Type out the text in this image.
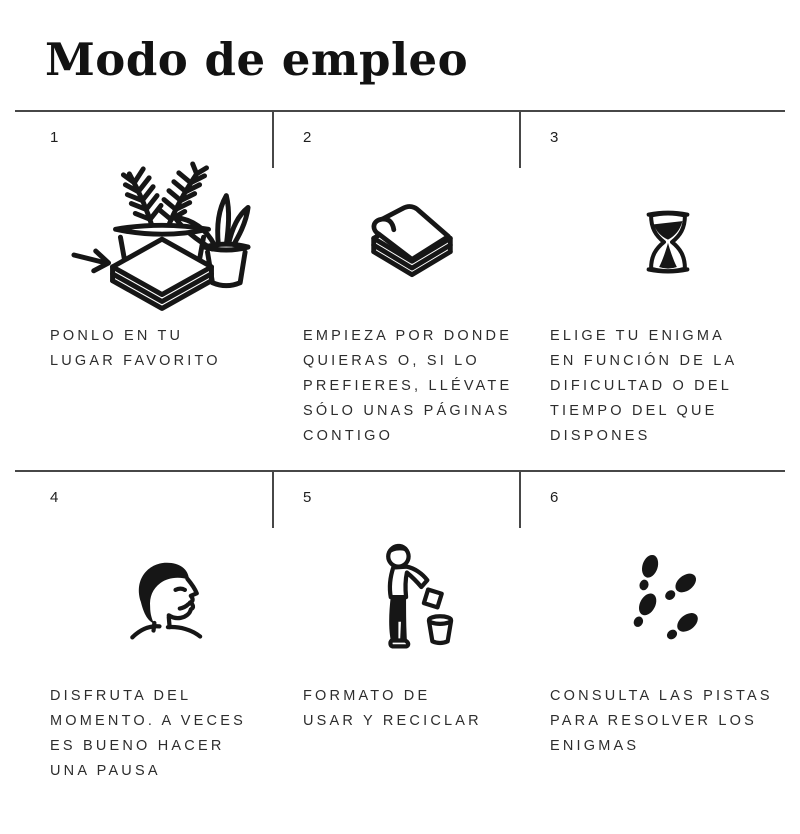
Modo de empleo
1
PONLO EN TU
LUGAR FAVORITO
2
EMPIEZA POR DONDE
QUIERAS O, SI LO
PREFIERES, LLÉVATE
SÓLO UNAS PÁGINAS
CONTIGO
3
ELIGE TU ENIGMA
EN FUNCIÓN DE LA
DIFICULTAD O DEL
TIEMPO DEL QUE
DISPONES
4
DISFRUTA DEL
MOMENTO. A VECES
ES BUENO HACER
UNA PAUSA
5
FORMATO DE
USAR Y RECICLAR
6
CONSULTA LAS PISTAS
PARA RESOLVER LOS
ENIGMAS
